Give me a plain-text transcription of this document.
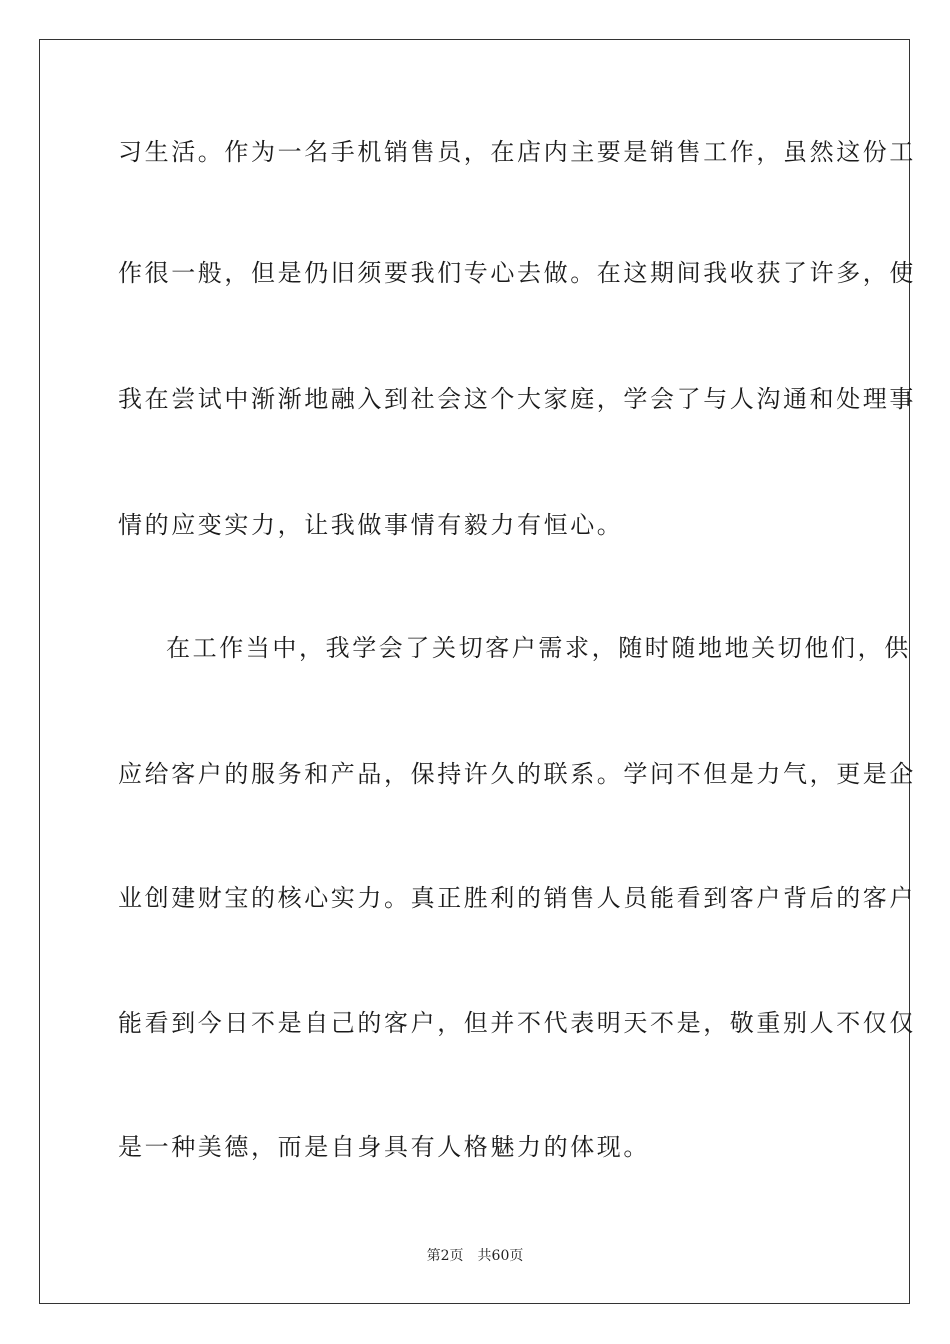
习生活。作为一名手机销售员，在店内主要是销售工作，虽然这份工
作很一般，但是仍旧须要我们专心去做。在这期间我收获了许多，使
我在尝试中渐渐地融入到社会这个大家庭，学会了与人沟通和处理事
情的应变实力，让我做事情有毅力有恒心。
在工作当中，我学会了关切客户需求，随时随地地关切他们，供
应给客户的服务和产品，保持许久的联系。学问不但是力气，更是企
业创建财宝的核心实力。真正胜利的销售人员能看到客户背后的客户
能看到今日不是自己的客户，但并不代表明天不是，敬重别人不仅仅
是一种美德，而是自身具有人格魅力的体现。
第2页 共60页
